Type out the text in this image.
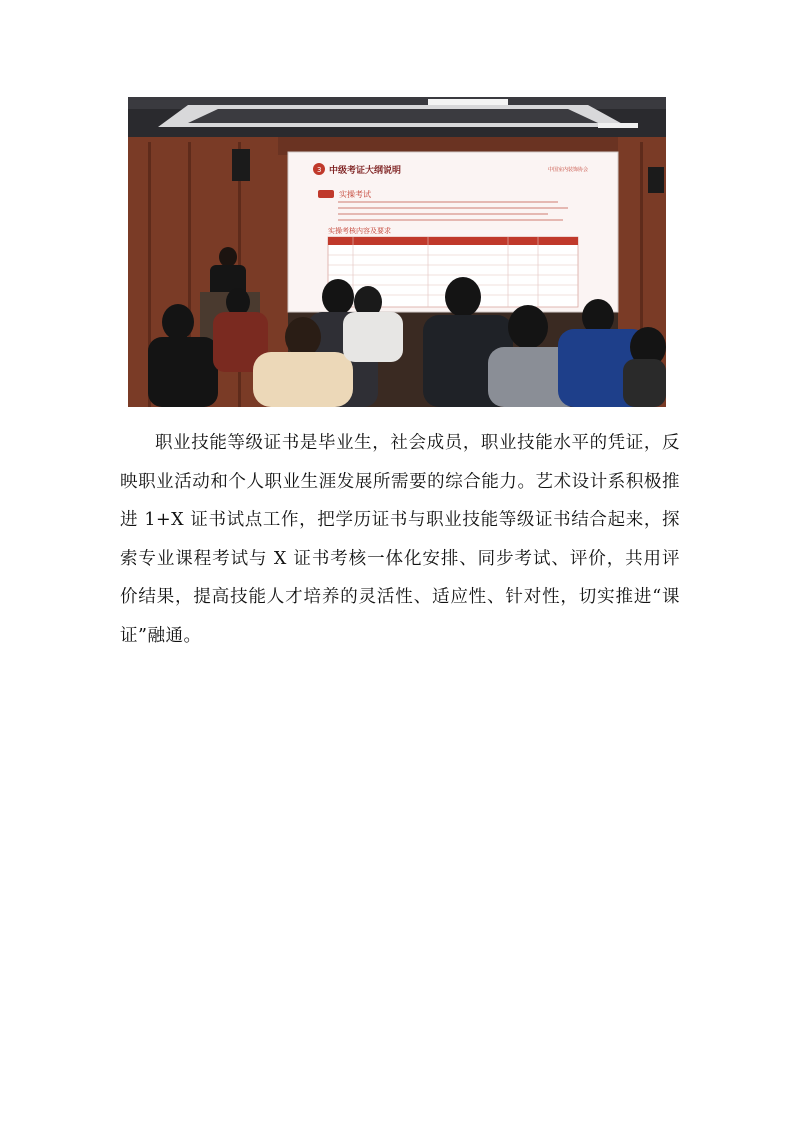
3 中级考证大纲说明	中国室内装饰协会
实操考试
实操考核内容及要求

职业技能等级证书是毕业生，社会成员，职业技能水平的凭证，反映职业活动和个人职业生涯发展所需要的综合能力。艺术设计系积极推进 1+X 证书试点工作，把学历证书与职业技能等级证书结合起来，探索专业课程考试与 X 证书考核一体化安排、同步考试、评价，共用评价结果，提高技能人才培养的灵活性、适应性、针对性，切实推进“课证”融通。
